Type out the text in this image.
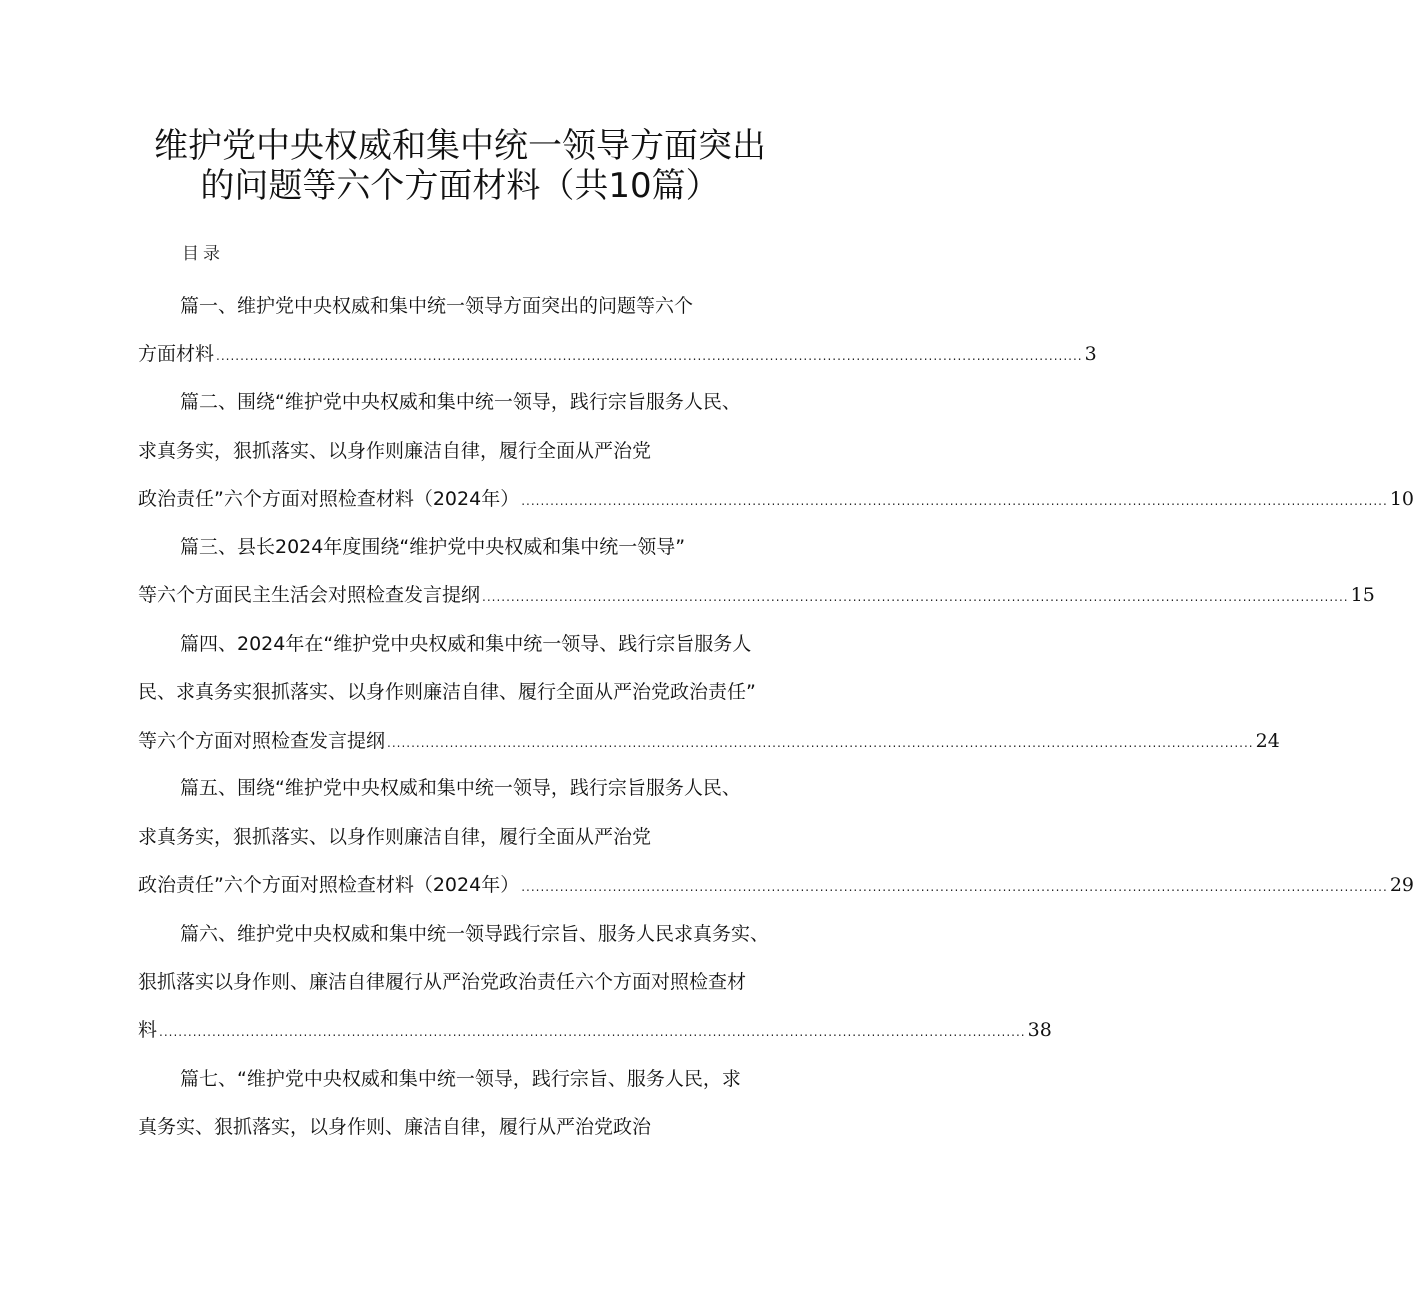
维护党中央权威和集中统一领导方面突出
的问题等六个方面材料（共10篇）
目录
篇一、维护党中央权威和集中统一领导方面突出的问题等六个
方面材料 .................................................................................................................................................................................... 3
篇二、围绕“维护党中央权威和集中统一领导，践行宗旨服务人民、
求真务实，狠抓落实、以身作则廉洁自律，履行全面从严治党
政治责任”六个方面对照检查材料（2024年） .................................................................................................................................................................................... 10
篇三、县长2024年度围绕“维护党中央权威和集中统一领导”
等六个方面民主生活会对照检查发言提纲 .................................................................................................................................................................................... 15
篇四、2024年在“维护党中央权威和集中统一领导、践行宗旨服务人
民、求真务实狠抓落实、以身作则廉洁自律、履行全面从严治党政治责任”
等六个方面对照检查发言提纲 .................................................................................................................................................................................... 24
篇五、围绕“维护党中央权威和集中统一领导，践行宗旨服务人民、
求真务实，狠抓落实、以身作则廉洁自律，履行全面从严治党
政治责任”六个方面对照检查材料（2024年） .................................................................................................................................................................................... 29
篇六、维护党中央权威和集中统一领导践行宗旨、服务人民求真务实、
狠抓落实以身作则、廉洁自律履行从严治党政治责任六个方面对照检查材
料 .................................................................................................................................................................................... 38
篇七、“维护党中央权威和集中统一领导，践行宗旨、服务人民，求
真务实、狠抓落实，以身作则、廉洁自律，履行从严治党政治
